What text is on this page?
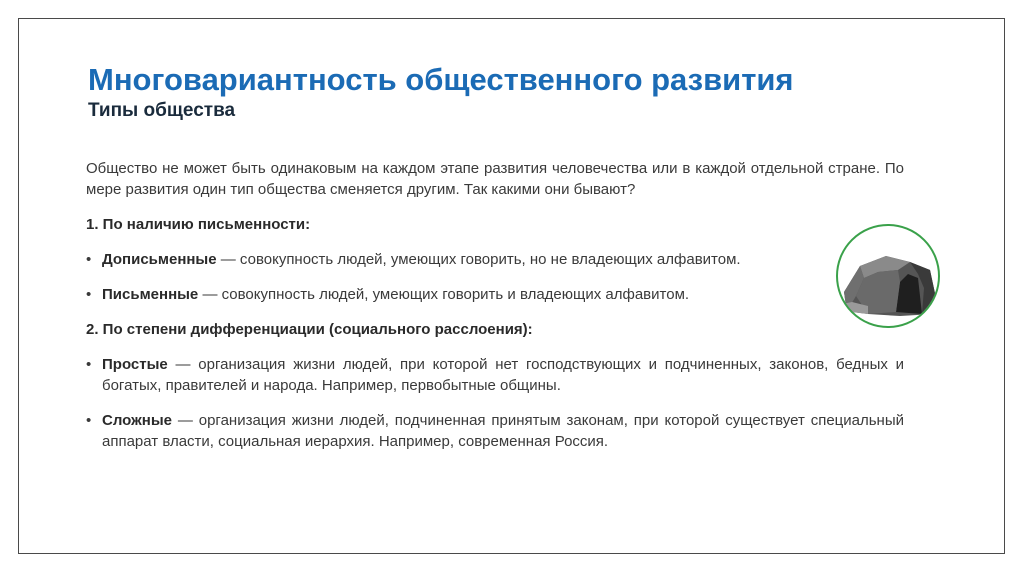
Многовариантность общественного развития
Типы общества

Общество не может быть одинаковым на каждом этапе развития человечества или в каждой отдельной стране. По мере развития один тип общества сменяется другим. Так какими они бывают?

1. По наличию письменности:

• Дописьменные — совокупность людей, умеющих говорить, но не владеющих алфавитом.
• Письменные — совокупность людей, умеющих говорить и владеющих алфавитом.

2. По степени дифференциации (социального расслоения):

• Простые — организация жизни людей, при которой нет господствующих и подчиненных, законов, бедных и богатых, правителей и народа. Например, первобытные общины.
• Сложные — организация жизни людей, подчиненная принятым законам, при которой существует специальный аппарат власти, социальная иерархия. Например, современная Россия.
